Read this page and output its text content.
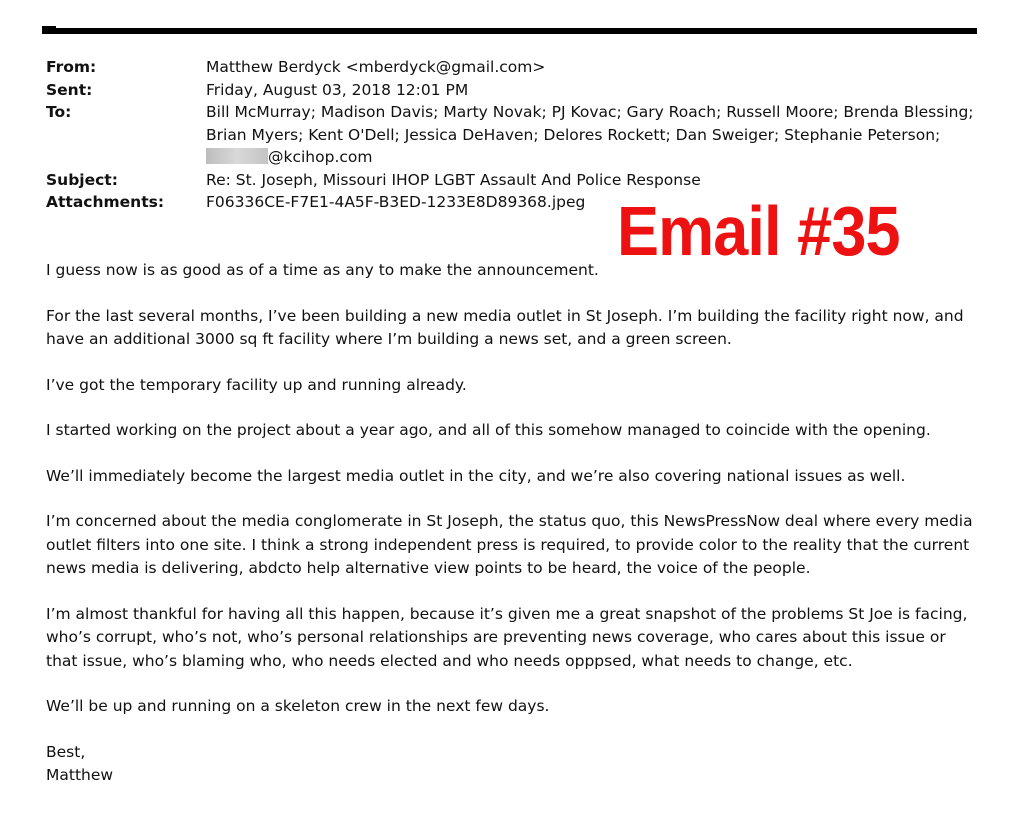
From:	Matthew Berdyck <mberdyck@gmail.com>
Sent:	Friday, August 03, 2018 12:01 PM
To:	Bill McMurray; Madison Davis; Marty Novak; PJ Kovac; Gary Roach; Russell Moore; Brenda Blessing;
Brian Myers; Kent O'Dell; Jessica DeHaven; Delores Rockett; Dan Sweiger; Stephanie Peterson;
@kcihop.com
Subject:	Re: St. Joseph, Missouri IHOP LGBT Assault And Police Response
Attachments:	F06336CE-F7E1-4A5F-B3ED-1233E8D89368.jpeg Email #35

I guess now is as good as of a time as any to make the announcement.

For the last several months, I’ve been building a new media outlet in St Joseph. I’m building the facility right now, and have an additional 3000 sq ft facility where I’m building a news set, and a green screen.

I’ve got the temporary facility up and running already.

I started working on the project about a year ago, and all of this somehow managed to coincide with the opening.

We’ll immediately become the largest media outlet in the city, and we’re also covering national issues as well.

I’m concerned about the media conglomerate in St Joseph, the status quo, this NewsPressNow deal where every media outlet filters into one site. I think a strong independent press is required, to provide color to the reality that the current news media is delivering, abdcto help alternative view points to be heard, the voice of the people.

I’m almost thankful for having all this happen, because it’s given me a great snapshot of the problems St Joe is facing, who’s corrupt, who’s not, who’s personal relationships are preventing news coverage, who cares about this issue or that issue, who’s blaming who, who needs elected and who needs opppsed, what needs to change, etc.

We’ll be up and running on a skeleton crew in the next few days.

Best,
Matthew
